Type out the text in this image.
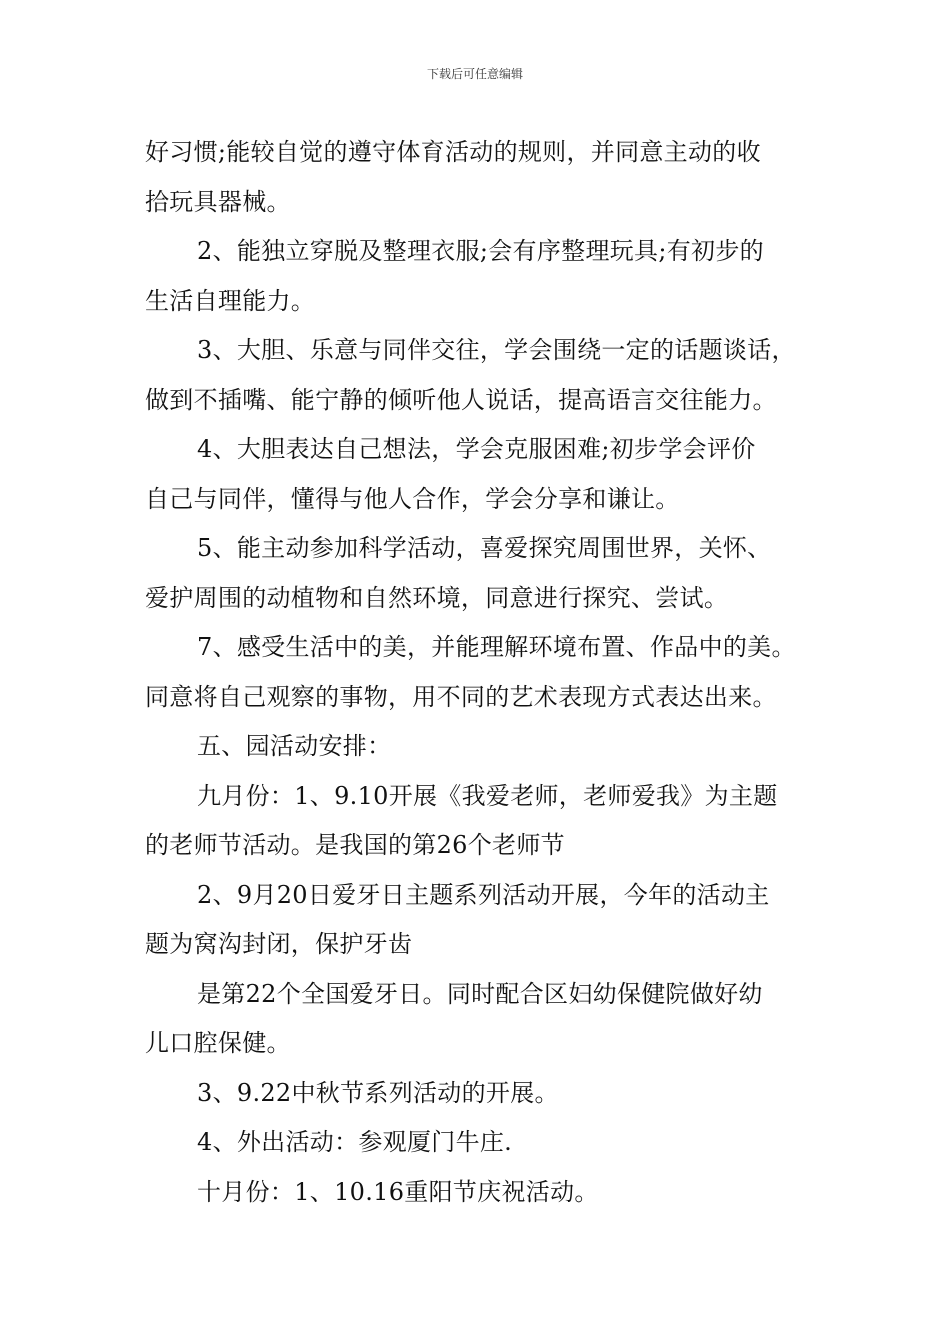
下载后可任意编辑
好习惯;能较自觉的遵守体育活动的规则，并同意主动的收
拾玩具器械。
2、能独立穿脱及整理衣服;会有序整理玩具;有初步的
生活自理能力。
3、大胆、乐意与同伴交往，学会围绕一定的话题谈话，
做到不插嘴、能宁静的倾听他人说话，提高语言交往能力。
4、大胆表达自己想法，学会克服困难;初步学会评价
自己与同伴，懂得与他人合作，学会分享和谦让。
5、能主动参加科学活动，喜爱探究周围世界，关怀、
爱护周围的动植物和自然环境，同意进行探究、尝试。
7、感受生活中的美，并能理解环境布置、作品中的美。
同意将自己观察的事物，用不同的艺术表现方式表达出来。
五、园活动安排：
九月份：1、9.10开展《我爱老师，老师爱我》为主题
的老师节活动。是我国的第26个老师节
2、9月20日爱牙日主题系列活动开展，今年的活动主
题为窝沟封闭，保护牙齿
是第22个全国爱牙日。同时配合区妇幼保健院做好幼
儿口腔保健。
3、9.22中秋节系列活动的开展。
4、外出活动：参观厦门牛庄.
十月份：1、10.16重阳节庆祝活动。
